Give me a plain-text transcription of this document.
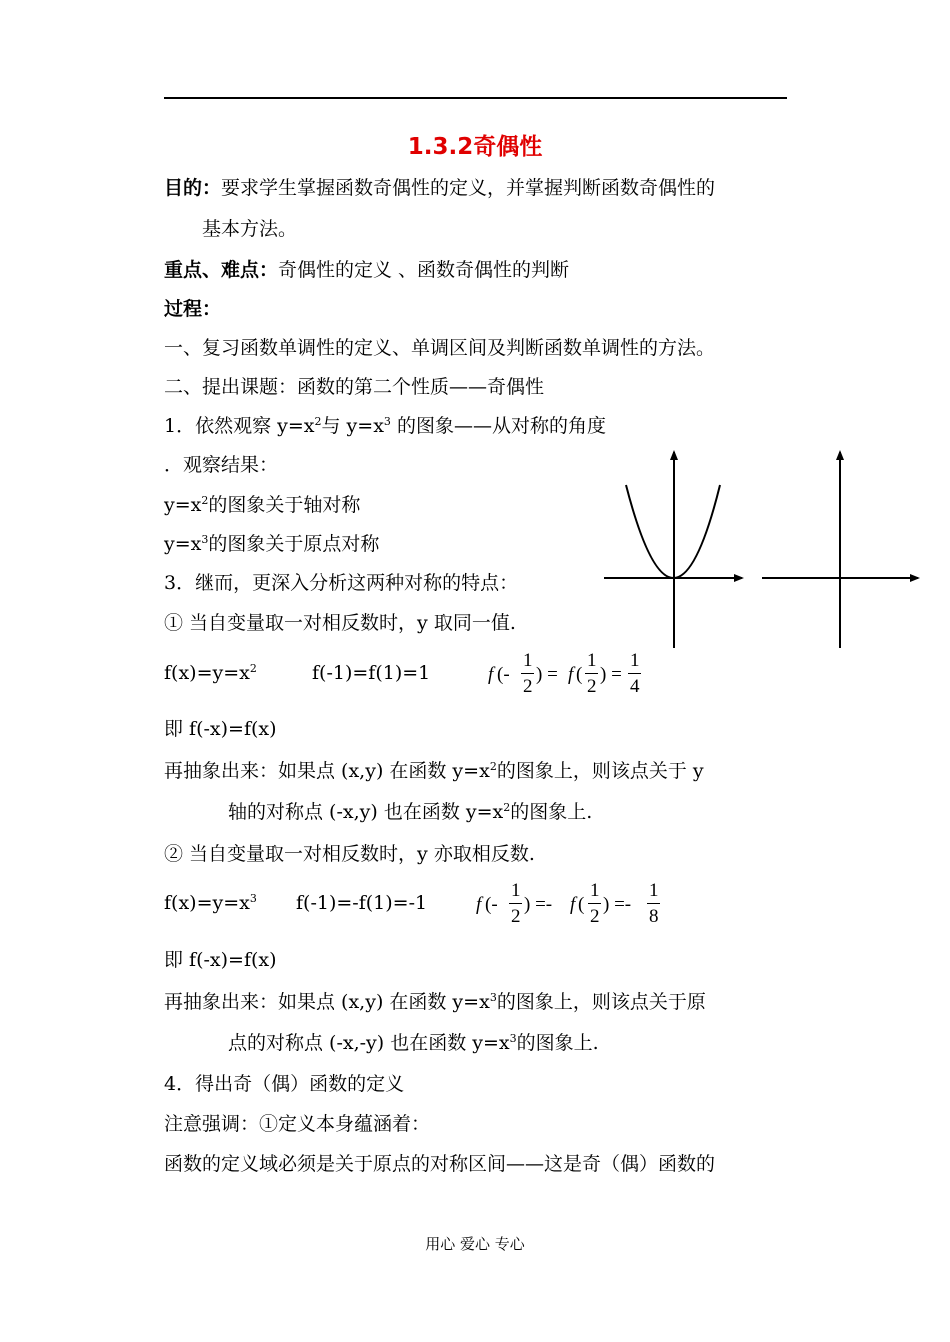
1.3.2奇偶性
目的：要求学生掌握函数奇偶性的定义，并掌握判断函数奇偶性的
基本方法。
重点、难点：奇偶性的定义 、函数奇偶性的判断
过程：
一、复习函数单调性的定义、单调区间及判断函数单调性的方法。
二、提出课题：函数的第二个性质——奇偶性
1．依然观察 $y=x^2$与 $y=x^3$ 的图象——从对称的角度
．观察结果：
$y=x^2$的图象关于轴对称
$y=x^3$的图象关于原点对称
3．继而，更深入分析这两种对称的特点：
① 当自变量取一对相反数时，y 取同一值.
$f(x)=y=x^2$	f(-1)=f(1)=1	f (-
1
2
) = f (
1
2
) =
1
4
即 f(-x)=f(x)
再抽象出来：如果点 (x,y) 在函数 $y=x^2$的图象上，则该点关于 y
轴的对称点 (-x,y) 也在函数 $y=x^2$的图象上.
② 当自变量取一对相反数时，y 亦取相反数.
$f(x)=y=x^3$ f(-1)=-f(1)=-1	f (-
1
2
) =- f (
1
2
) =-
1
8
即 f(-x)=f(x)
再抽象出来：如果点 (x,y) 在函数 $y=x^3$的图象上，则该点关于原
点的对称点 (-x,-y) 也在函数 $y=x^3$的图象上.
4．得出奇（偶）函数的定义
注意强调：①定义本身蕴涵着：
函数的定义域必须是关于原点的对称区间——这是奇（偶）函数的
用心 爱心 专心
